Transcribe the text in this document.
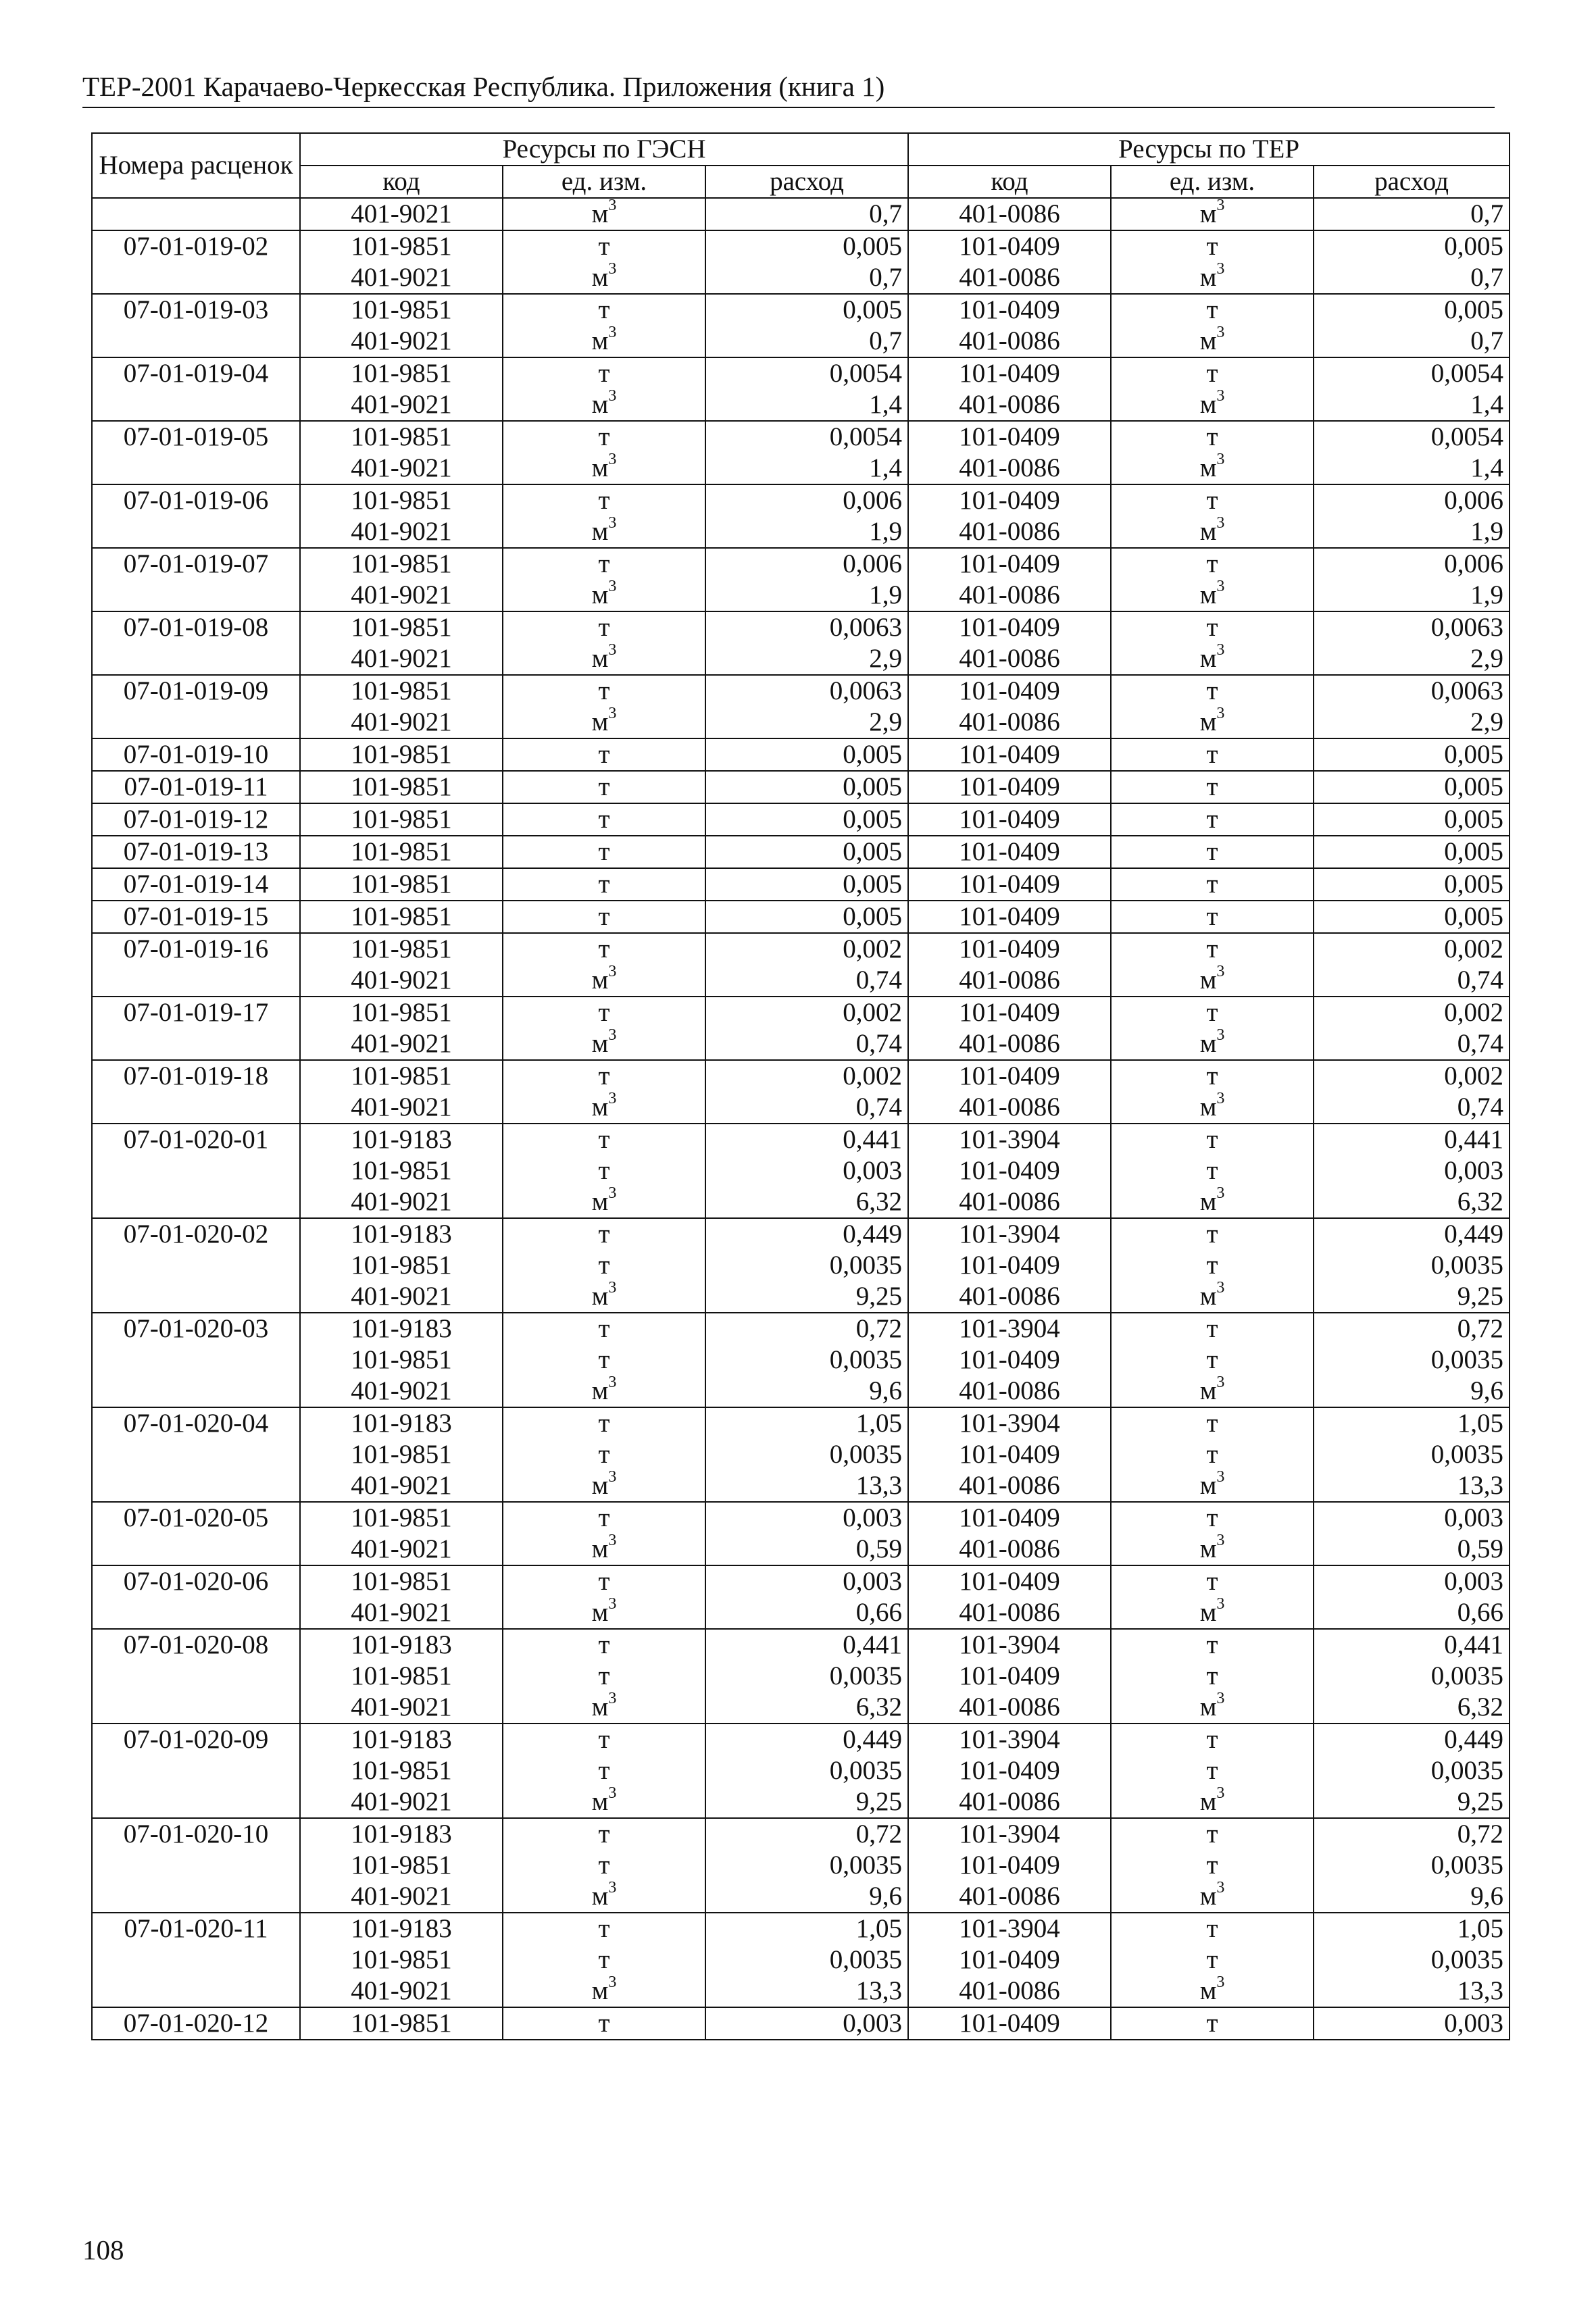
ТЕР-2001 Карачаево-Черкесская Республика. Приложения (книга 1)
Номера расценок	Ресурсы по ГЭСН			Ресурсы по ТЕР		
	код	ед. изм.	расход	код	ед. изм.	расход
	401-9021	$м^3$	0,7	401-0086	$м^3$	0,7
07-01-019-02	101-9851	т	0,005	101-0409	т	0,005
	401-9021	$м^3$	0,7	401-0086	$м^3$	0,7
07-01-019-03	101-9851	т	0,005	101-0409	т	0,005
	401-9021	$м^3$	0,7	401-0086	$м^3$	0,7
07-01-019-04	101-9851	т	0,0054	101-0409	т	0,0054
	401-9021	$м^3$	1,4	401-0086	$м^3$	1,4
07-01-019-05	101-9851	т	0,0054	101-0409	т	0,0054
	401-9021	$м^3$	1,4	401-0086	$м^3$	1,4
07-01-019-06	101-9851	т	0,006	101-0409	т	0,006
	401-9021	$м^3$	1,9	401-0086	$м^3$	1,9
07-01-019-07	101-9851	т	0,006	101-0409	т	0,006
	401-9021	$м^3$	1,9	401-0086	$м^3$	1,9
07-01-019-08	101-9851	т	0,0063	101-0409	т	0,0063
	401-9021	$м^3$	2,9	401-0086	$м^3$	2,9
07-01-019-09	101-9851	т	0,0063	101-0409	т	0,0063
	401-9021	$м^3$	2,9	401-0086	$м^3$	2,9
07-01-019-10	101-9851	т	0,005	101-0409	т	0,005
07-01-019-11	101-9851	т	0,005	101-0409	т	0,005
07-01-019-12	101-9851	т	0,005	101-0409	т	0,005
07-01-019-13	101-9851	т	0,005	101-0409	т	0,005
07-01-019-14	101-9851	т	0,005	101-0409	т	0,005
07-01-019-15	101-9851	т	0,005	101-0409	т	0,005
07-01-019-16	101-9851	т	0,002	101-0409	т	0,002
	401-9021	$м^3$	0,74	401-0086	$м^3$	0,74
07-01-019-17	101-9851	т	0,002	101-0409	т	0,002
	401-9021	$м^3$	0,74	401-0086	$м^3$	0,74
07-01-019-18	101-9851	т	0,002	101-0409	т	0,002
	401-9021	$м^3$	0,74	401-0086	$м^3$	0,74
07-01-020-01	101-9183	т	0,441	101-3904	т	0,441
	101-9851	т	0,003	101-0409	т	0,003
	401-9021	$м^3$	6,32	401-0086	$м^3$	6,32
07-01-020-02	101-9183	т	0,449	101-3904	т	0,449
	101-9851	т	0,0035	101-0409	т	0,0035
	401-9021	$м^3$	9,25	401-0086	$м^3$	9,25
07-01-020-03	101-9183	т	0,72	101-3904	т	0,72
	101-9851	т	0,0035	101-0409	т	0,0035
	401-9021	$м^3$	9,6	401-0086	$м^3$	9,6
07-01-020-04	101-9183	т	1,05	101-3904	т	1,05
	101-9851	т	0,0035	101-0409	т	0,0035
	401-9021	$м^3$	13,3	401-0086	$м^3$	13,3
07-01-020-05	101-9851	т	0,003	101-0409	т	0,003
	401-9021	$м^3$	0,59	401-0086	$м^3$	0,59
07-01-020-06	101-9851	т	0,003	101-0409	т	0,003
	401-9021	$м^3$	0,66	401-0086	$м^3$	0,66
07-01-020-08	101-9183	т	0,441	101-3904	т	0,441
	101-9851	т	0,0035	101-0409	т	0,0035
	401-9021	$м^3$	6,32	401-0086	$м^3$	6,32
07-01-020-09	101-9183	т	0,449	101-3904	т	0,449
	101-9851	т	0,0035	101-0409	т	0,0035
	401-9021	$м^3$	9,25	401-0086	$м^3$	9,25
07-01-020-10	101-9183	т	0,72	101-3904	т	0,72
	101-9851	т	0,0035	101-0409	т	0,0035
	401-9021	$м^3$	9,6	401-0086	$м^3$	9,6
07-01-020-11	101-9183	т	1,05	101-3904	т	1,05
	101-9851	т	0,0035	101-0409	т	0,0035
	401-9021	$м^3$	13,3	401-0086	$м^3$	13,3
07-01-020-12	101-9851	т	0,003	101-0409	т	0,003
108
